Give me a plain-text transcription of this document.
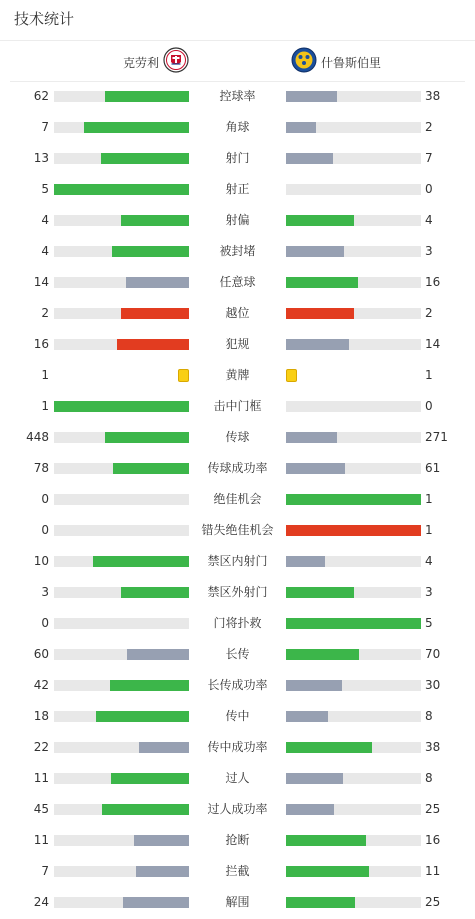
技术统计
克劳利	什鲁斯伯里
62	控球率	38
7	角球	2
13	射门	7
5	射正	0
4	射偏	4
4	被封堵	3
14	任意球	16
2	越位	2
16	犯规	14
1	黄牌	1
1	击中门框	0
448	传球	271
78	传球成功率	61
0	绝佳机会	1
0	错失绝佳机会	1
10	禁区内射门	4
3	禁区外射门	3
0	门将扑救	5
60	长传	70
42	长传成功率	30
18	传中	8
22	传中成功率	38
11	过人	8
45	过人成功率	25
11	抢断	16
7	拦截	11
24	解围	25
